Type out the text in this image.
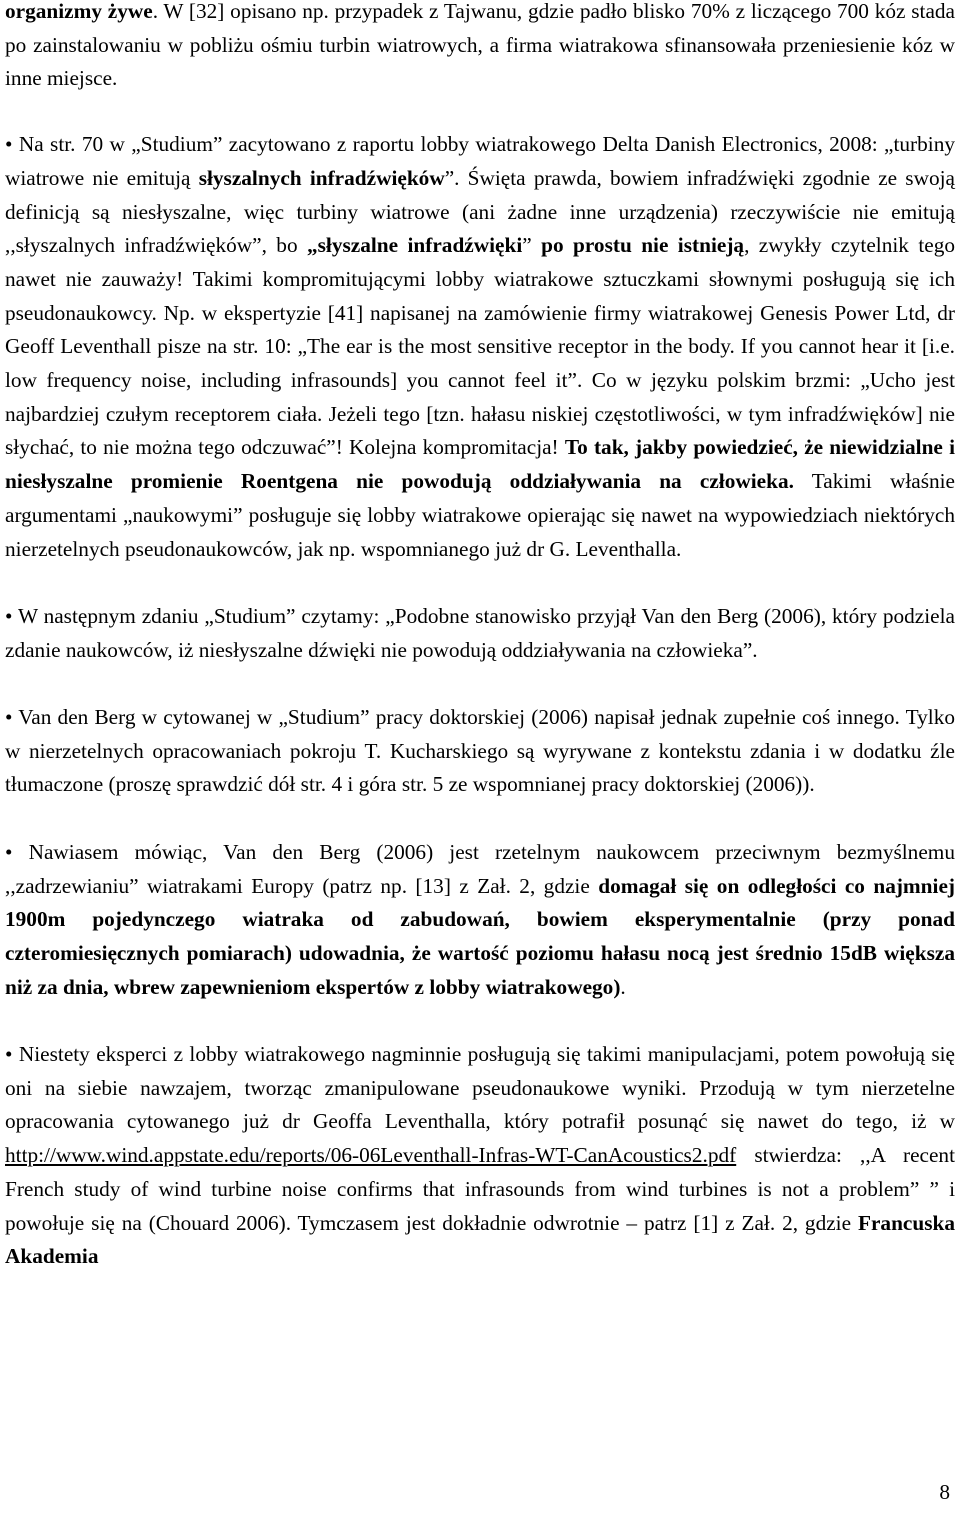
organizmy żywe. W [32] opisano np. przypadek z Tajwanu, gdzie padło blisko 70% z liczącego 700 kóz stada po zainstalowaniu w pobliżu ośmiu turbin wiatrowych, a firma wiatrakowa sfinansowała przeniesienie kóz w inne miejsce.

• Na str. 70 w „Studium” zacytowano z raportu lobby wiatrakowego Delta Danish Electronics, 2008: „turbiny wiatrowe nie emitują słyszalnych infradźwięków”. Święta prawda, bowiem infradźwięki zgodnie ze swoją definicją są niesłyszalne, więc turbiny wiatrowe (ani żadne inne urządzenia) rzeczywiście nie emitują ,,słyszalnych infradźwięków”, bo „słyszalne infradźwięki” po prostu nie istnieją, zwykły czytelnik tego nawet nie zauważy! Takimi kompromitującymi lobby wiatrakowe sztuczkami słownymi posługują się ich pseudonaukowcy. Np. w ekspertyzie [41] napisanej na zamówienie firmy wiatrakowej Genesis Power Ltd, dr Geoff Leventhall pisze na str. 10: „The ear is the most sensitive receptor in the body. If you cannot hear it [i.e. low frequency noise, including infrasounds] you cannot feel it”. Co w języku polskim brzmi: „Ucho jest najbardziej czułym receptorem ciała. Jeżeli tego [tzn. hałasu niskiej częstotliwości, w tym infradźwięków] nie słychać, to nie można tego odczuwać”! Kolejna kompromitacja! To tak, jakby powiedzieć, że niewidzialne i niesłyszalne promienie Roentgena nie powodują oddziaływania na człowieka. Takimi właśnie argumentami „naukowymi” posługuje się lobby wiatrakowe opierając się nawet na wypowiedziach niektórych nierzetelnych pseudonaukowców, jak np. wspomnianego już dr G. Leventhalla.

• W następnym zdaniu „Studium” czytamy: „Podobne stanowisko przyjął Van den Berg (2006), który podziela zdanie naukowców, iż niesłyszalne dźwięki nie powodują oddziaływania na człowieka”.

• Van den Berg w cytowanej w „Studium” pracy doktorskiej (2006) napisał jednak zupełnie coś innego. Tylko w nierzetelnych opracowaniach pokroju T. Kucharskiego są wyrywane z kontekstu zdania i w dodatku źle tłumaczone (proszę sprawdzić dół str. 4 i góra str. 5 ze wspomnianej pracy doktorskiej (2006)).

• Nawiasem mówiąc, Van den Berg (2006) jest rzetelnym naukowcem przeciwnym bezmyślnemu ,,zadrzewianiu” wiatrakami Europy (patrz np. [13] z Zał. 2, gdzie domagał się on odległości co najmniej 1900m pojedynczego wiatraka od zabudowań, bowiem eksperymentalnie (przy ponad czteromiesięcznych pomiarach) udowadnia, że wartość poziomu hałasu nocą jest średnio 15dB większa niż za dnia, wbrew zapewnieniom ekspertów z lobby wiatrakowego).

• Niestety eksperci z lobby wiatrakowego nagminnie posługują się takimi manipulacjami, potem powołują się oni na siebie nawzajem, tworząc zmanipulowane pseudonaukowe wyniki. Przodują w tym nierzetelne opracowania cytowanego już dr Geoffa Leventhalla, który potrafił posunąć się nawet do tego, iż w http://www.wind.appstate.edu/reports/06-06Leventhall-Infras-WT-CanAcoustics2.pdf stwierdza: ,,A recent French study of wind turbine noise confirms that infrasounds from wind turbines is not a problem” ” i powołuje się na (Chouard 2006). Tymczasem jest dokładnie odwrotnie – patrz [1] z Zał. 2, gdzie Francuska Akademia

8
